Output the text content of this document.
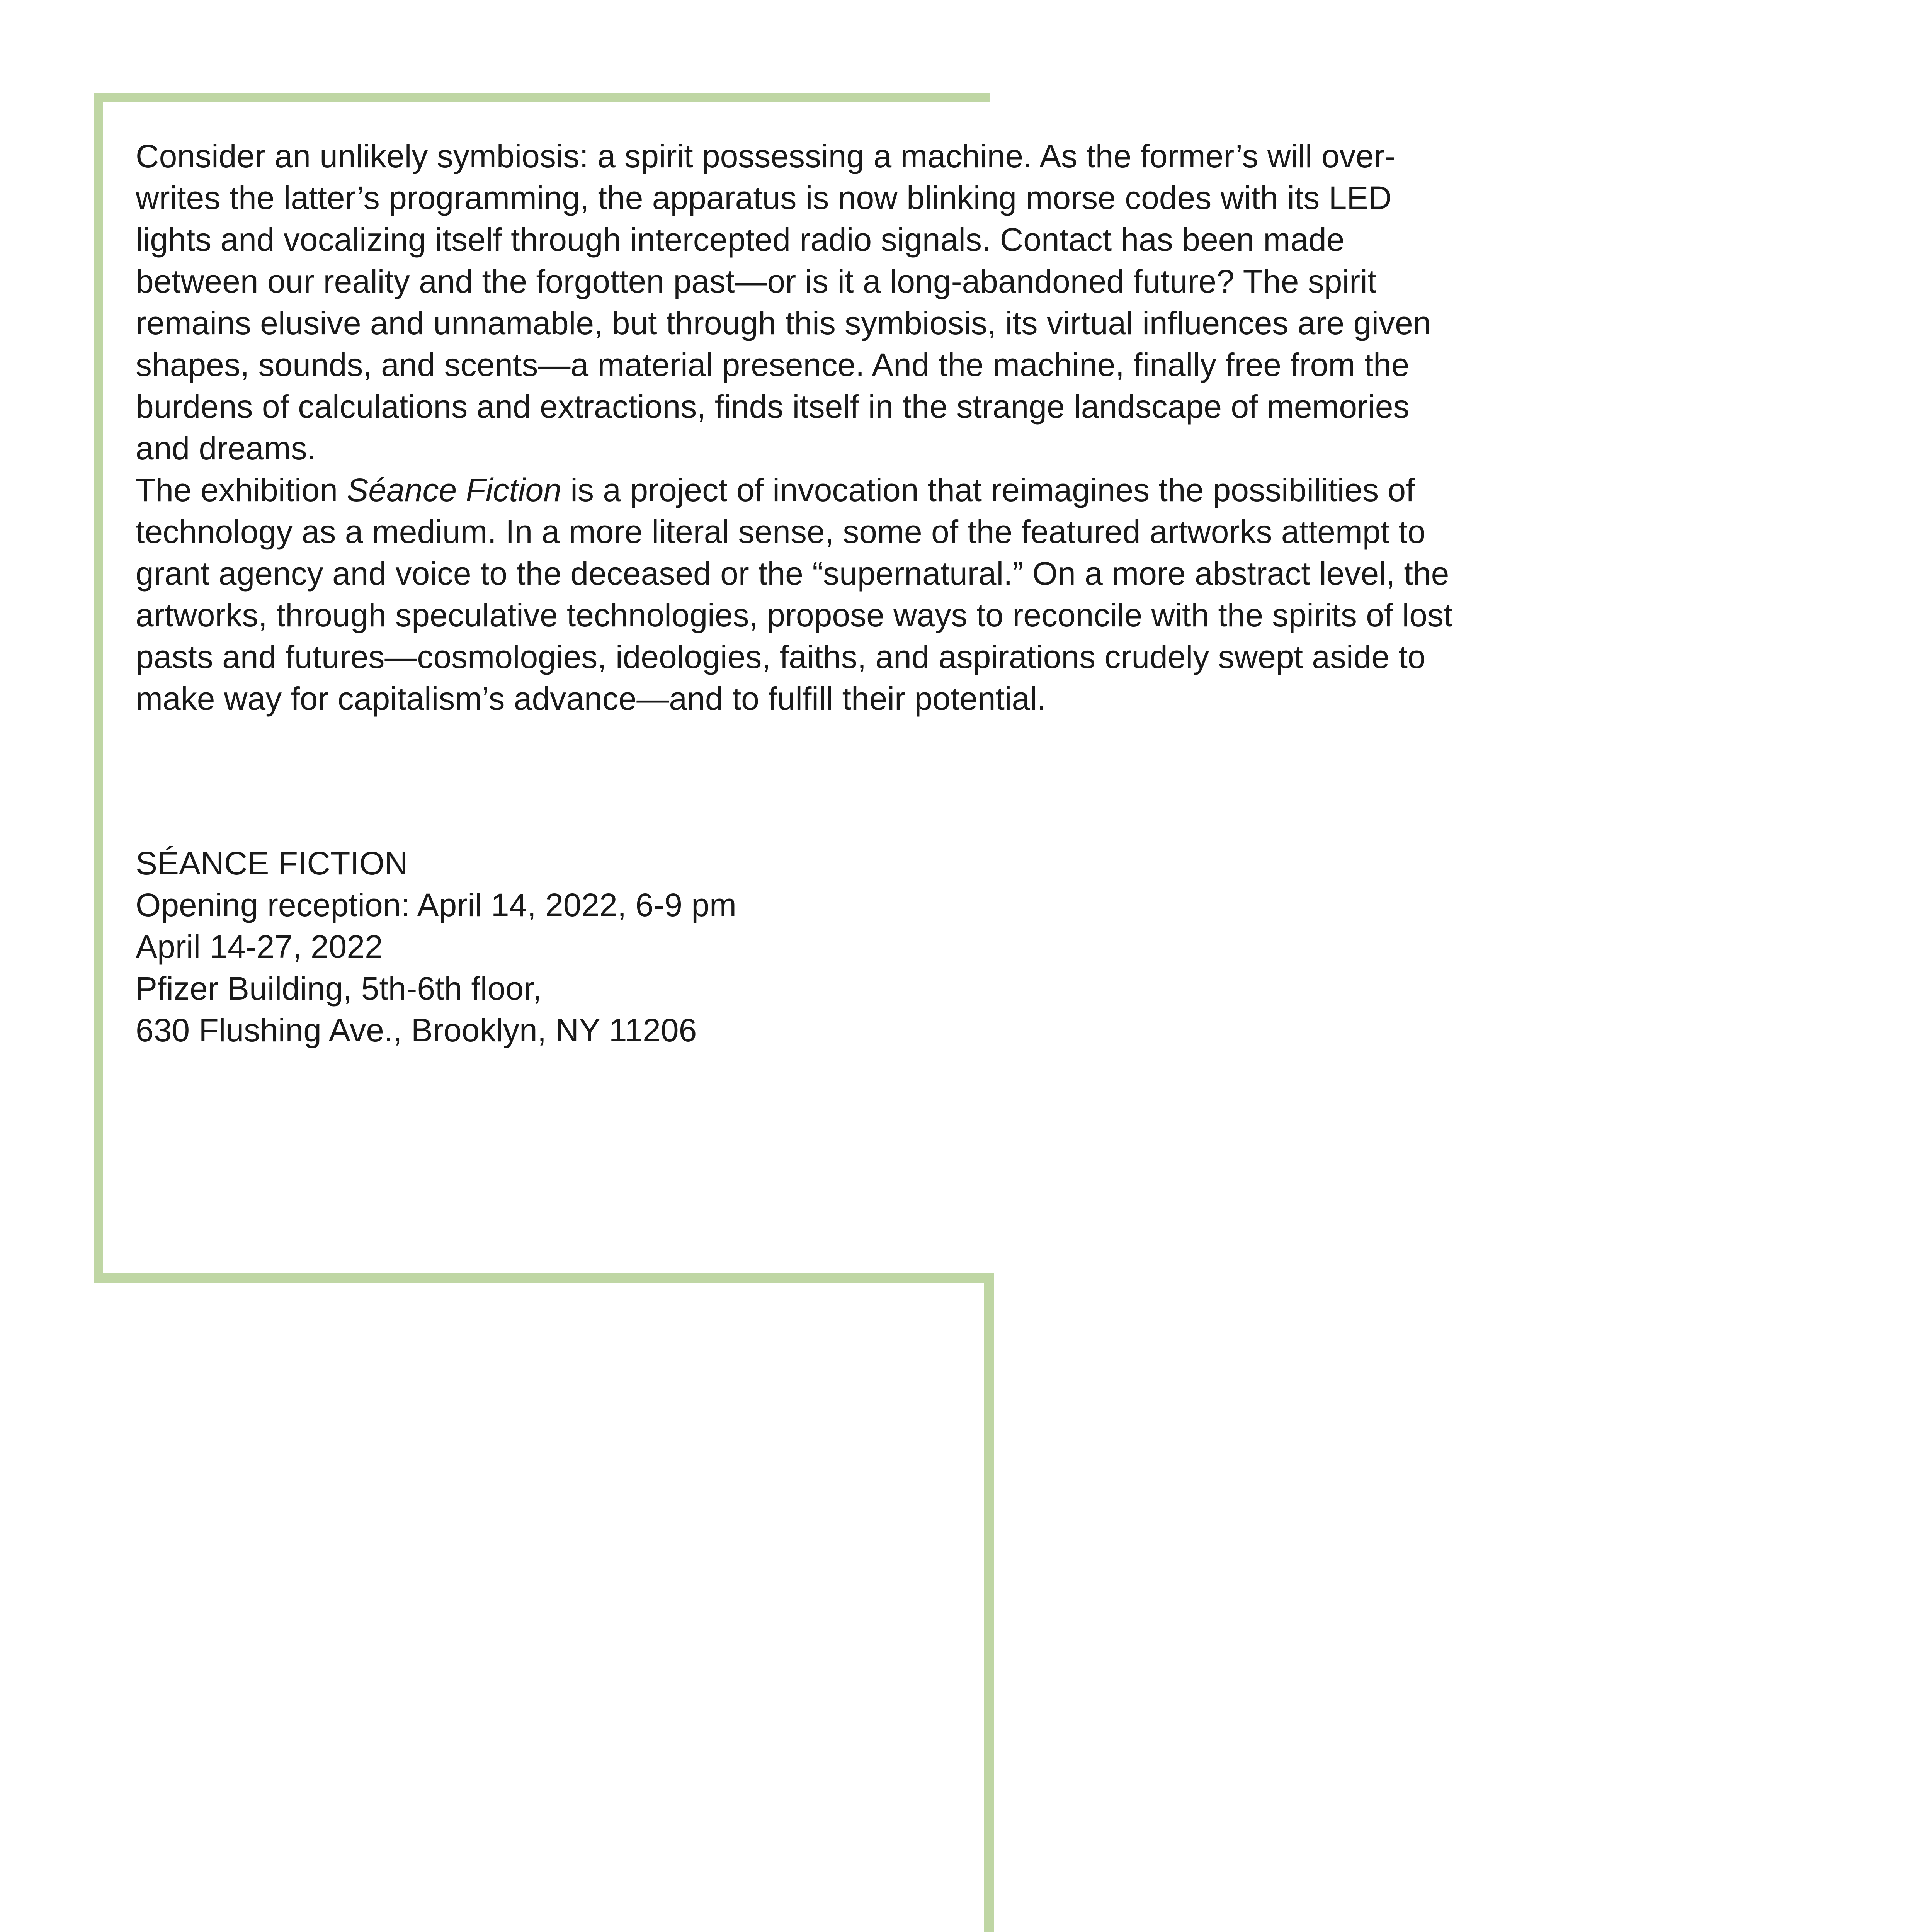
Consider an unlikely symbiosis: a spirit possessing a machine. As the former’s will over-writes the latter’s programming, the apparatus is now blinking morse codes with its LED lights and vocalizing itself through intercepted radio signals. Contact has been made between our reality and the forgotten past—or is it a long-abandoned future? The spirit remains elusive and unnamable, but through this symbiosis, its virtual influences are given shapes, sounds, and scents—a material presence. And the machine, finally free from the burdens of calculations and extractions, finds itself in the strange landscape of memories and dreams.

The exhibition Séance Fiction is a project of invocation that reimagines the possibilities of technology as a medium. In a more literal sense, some of the featured artworks attempt to grant agency and voice to the deceased or the “supernatural.” On a more abstract level, the artworks, through speculative technologies, propose ways to reconcile with the spirits of lost pasts and futures—cosmologies, ideologies, faiths, and aspirations crudely swept aside to make way for capitalism’s advance—and to fulfill their potential.

SÉANCE FICTION
Opening reception: April 14, 2022, 6-9 pm
April 14-27, 2022
Pfizer Building, 5th-6th floor,
630 Flushing Ave., Brooklyn, NY 11206
